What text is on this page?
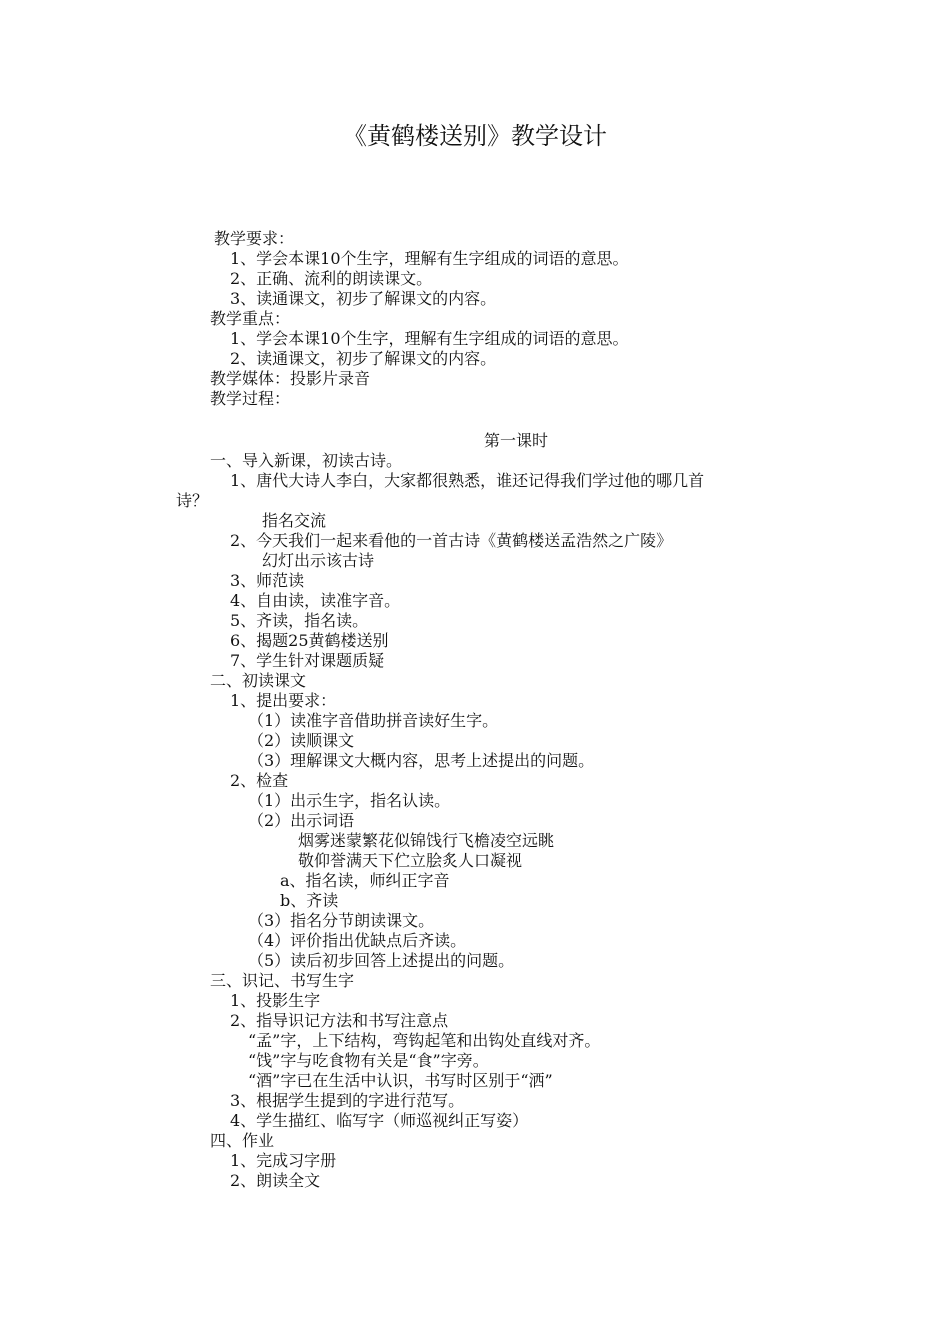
《黄鹤楼送别》教学设计
教学要求：
1、学会本课10个生字，理解有生字组成的词语的意思。
2、正确、流利的朗读课文。
3、读通课文，初步了解课文的内容。
教学重点：
1、学会本课10个生字，理解有生字组成的词语的意思。
2、读通课文，初步了解课文的内容。
教学媒体：投影片录音
教学过程：
第一课时
一、导入新课，初读古诗。
1、唐代大诗人李白，大家都很熟悉，谁还记得我们学过他的哪几首
诗？
指名交流
2、今天我们一起来看他的一首古诗《黄鹤楼送孟浩然之广陵》
幻灯出示该古诗
3、师范读
4、自由读，读准字音。
5、齐读，指名读。
6、揭题25黄鹤楼送别
7、学生针对课题质疑
二、初读课文
1、提出要求：
（1）读准字音借助拼音读好生字。
（2）读顺课文
（3）理解课文大概内容，思考上述提出的问题。
2、检查
（1）出示生字，指名认读。
（2）出示词语
烟雾迷蒙繁花似锦饯行飞檐凌空远眺
敬仰誉满天下伫立脍炙人口凝视
a、指名读，师纠正字音
b、齐读
（3）指名分节朗读课文。
（4）评价指出优缺点后齐读。
（5）读后初步回答上述提出的问题。
三、识记、书写生字
1、投影生字
2、指导识记方法和书写注意点
“孟”字，上下结构，弯钩起笔和出钩处直线对齐。
“饯”字与吃食物有关是“食”字旁。
“酒”字已在生活中认识，书写时区别于“洒”
3、根据学生提到的字进行范写。
4、学生描红、临写字（师巡视纠正写姿）
四、作业
1、完成习字册
2、朗读全文
